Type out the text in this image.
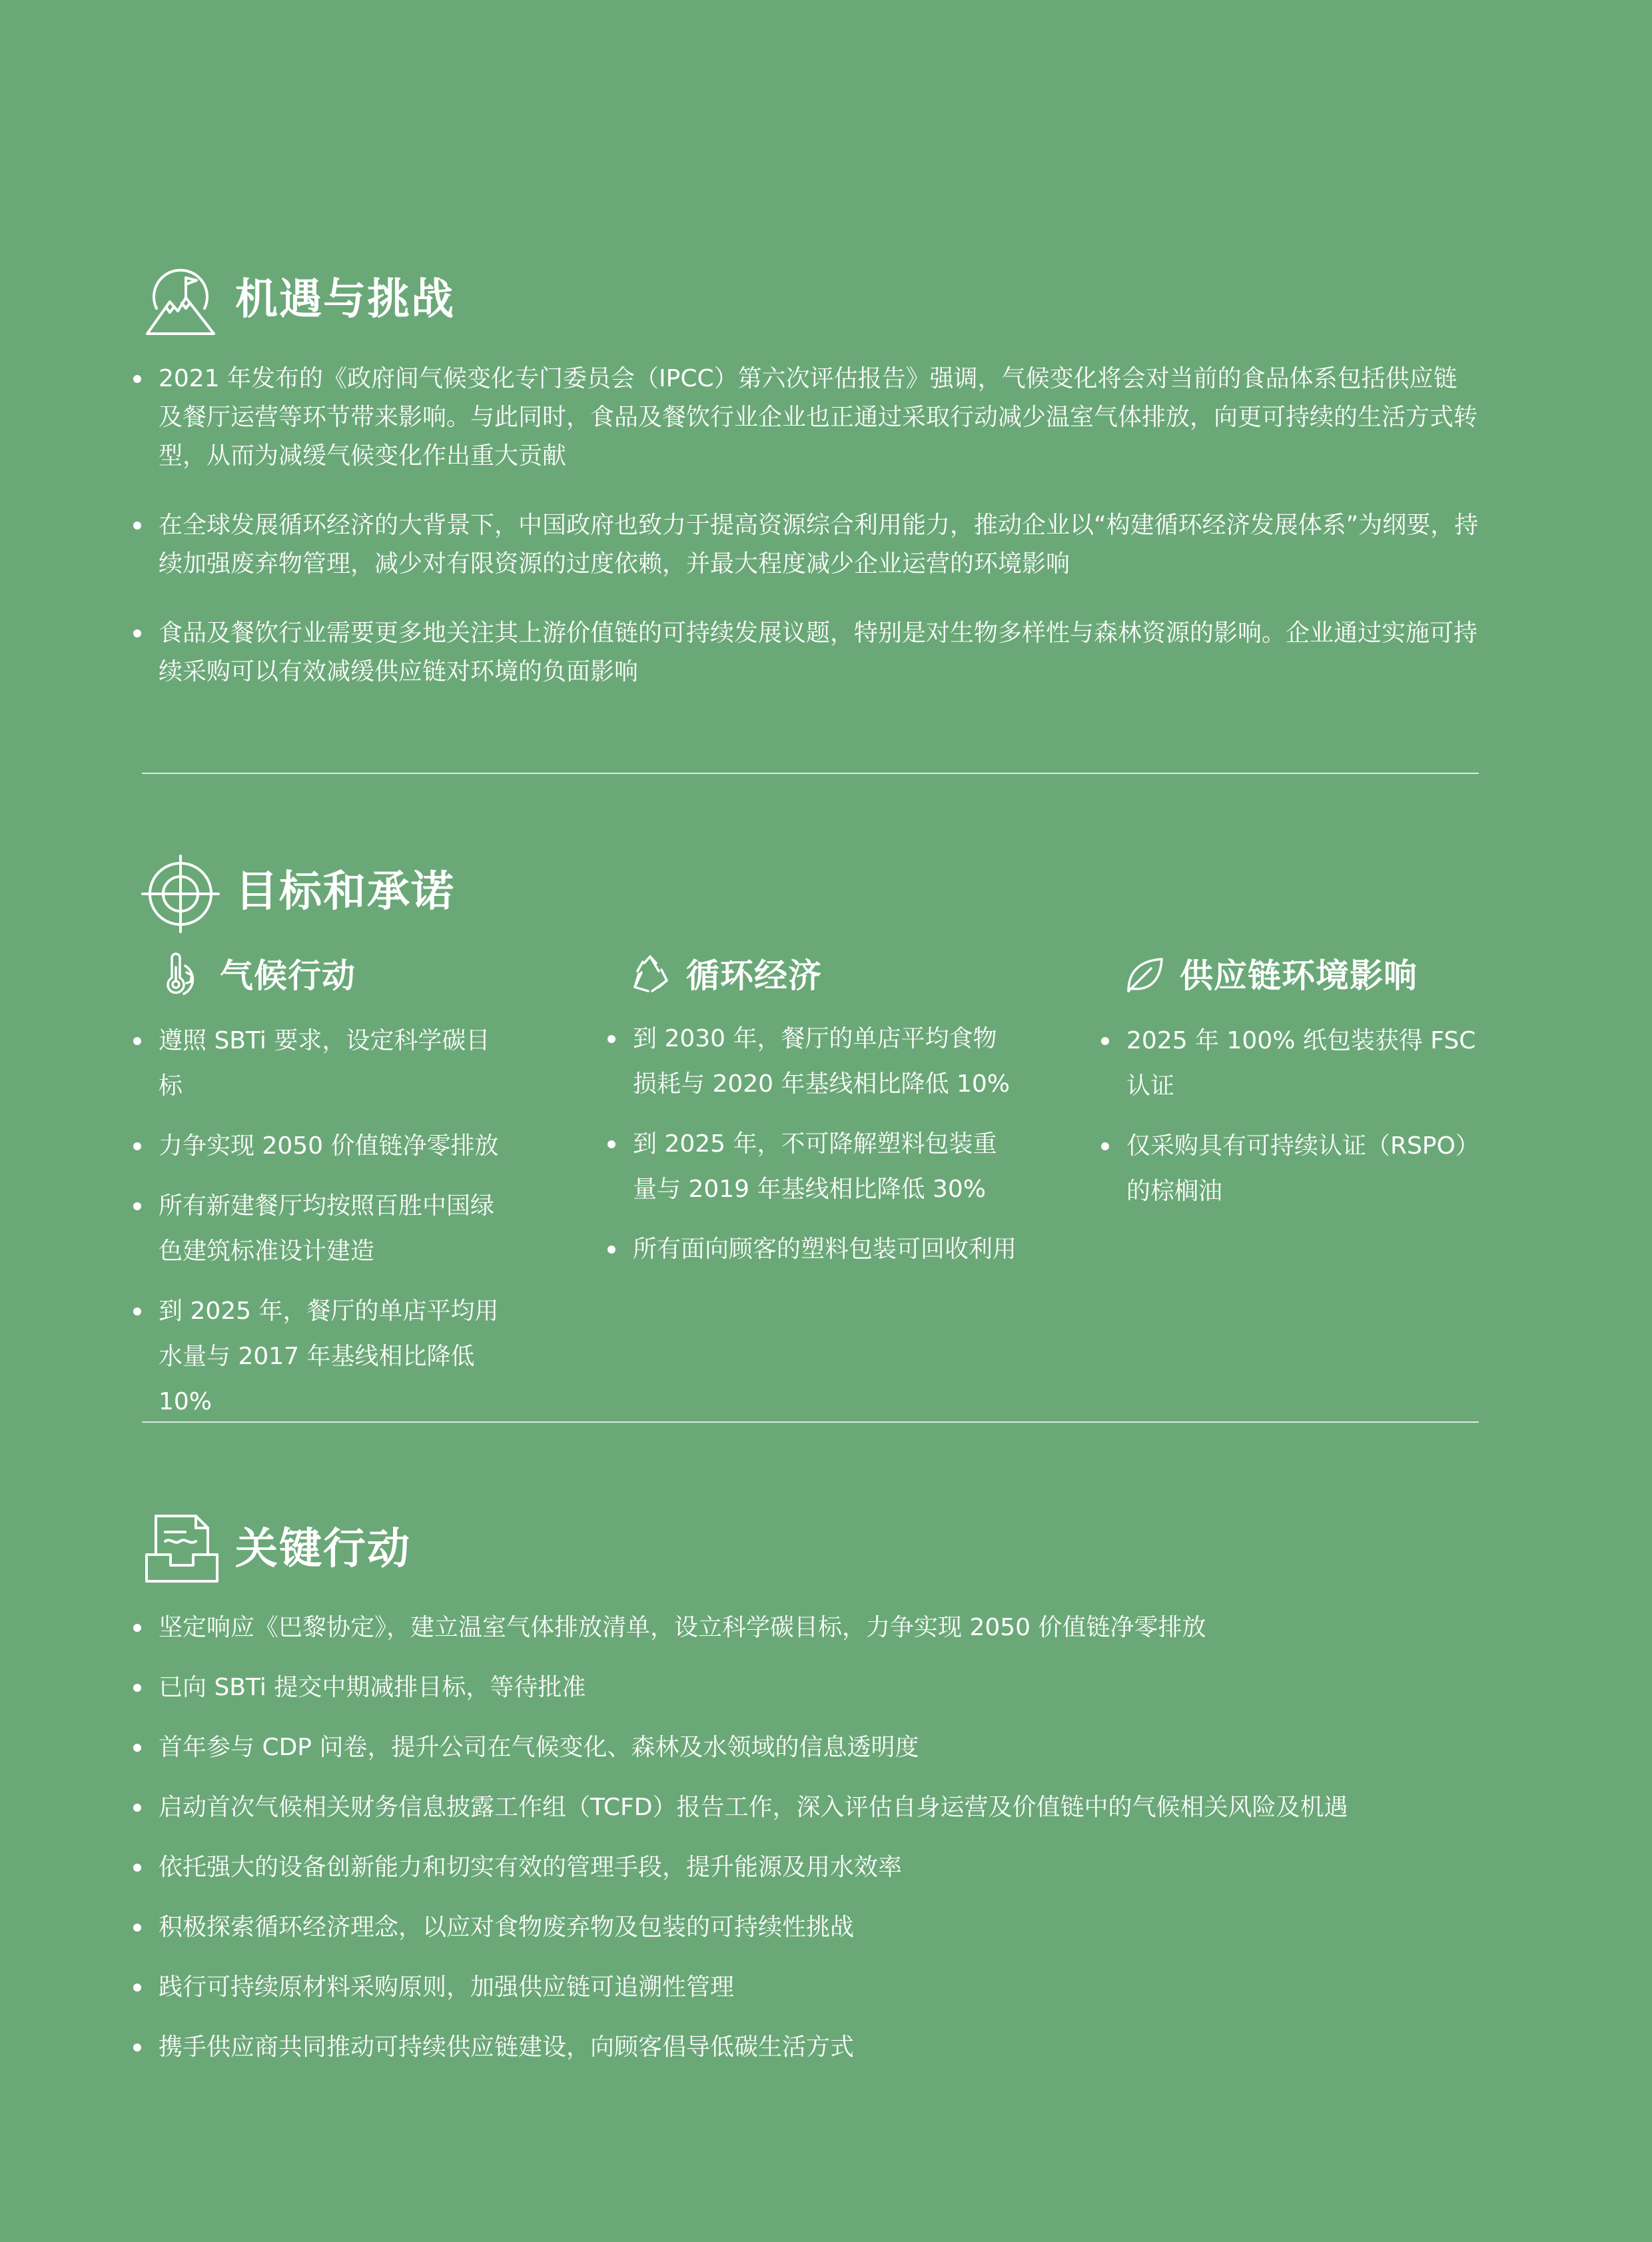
机遇与挑战
2021 年发布的《政府间气候变化专门委员会（IPCC）第六次评估报告》强调，气候变化将会对当前的食品体系包括供应链及餐厅运营等环节带来影响。与此同时，食品及餐饮行业企业也正通过采取行动减少温室气体排放，向更可持续的生活方式转型，从而为减缓气候变化作出重大贡献
在全球发展循环经济的大背景下，中国政府也致力于提高资源综合利用能力，推动企业以“构建循环经济发展体系”为纲要，持续加强废弃物管理，减少对有限资源的过度依赖，并最大程度减少企业运营的环境影响
食品及餐饮行业需要更多地关注其上游价值链的可持续发展议题，特别是对生物多样性与森林资源的影响。企业通过实施可持续采购可以有效减缓供应链对环境的负面影响
目标和承诺
气候行动
遵照 SBTi 要求，设定科学碳目标
力争实现 2050 价值链净零排放
所有新建餐厅均按照百胜中国绿色建筑标准设计建造
到 2025 年，餐厅的单店平均用水量与 2017 年基线相比降低 10%
循环经济
到 2030 年，餐厅的单店平均食物损耗与 2020 年基线相比降低 10%
到 2025 年，不可降解塑料包装重量与 2019 年基线相比降低 30%
所有面向顾客的塑料包装可回收利用
供应链环境影响
2025 年 100% 纸包装获得 FSC 认证
仅采购具有可持续认证（RSPO）的棕榈油
关键行动
坚定响应《巴黎协定》，建立温室气体排放清单，设立科学碳目标，力争实现 2050 价值链净零排放
已向 SBTi 提交中期减排目标，等待批准
首年参与 CDP 问卷，提升公司在气候变化、森林及水领域的信息透明度
启动首次气候相关财务信息披露工作组（TCFD）报告工作，深入评估自身运营及价值链中的气候相关风险及机遇
依托强大的设备创新能力和切实有效的管理手段，提升能源及用水效率
积极探索循环经济理念，以应对食物废弃物及包装的可持续性挑战
践行可持续原材料采购原则，加强供应链可追溯性管理
携手供应商共同推动可持续供应链建设，向顾客倡导低碳生活方式
